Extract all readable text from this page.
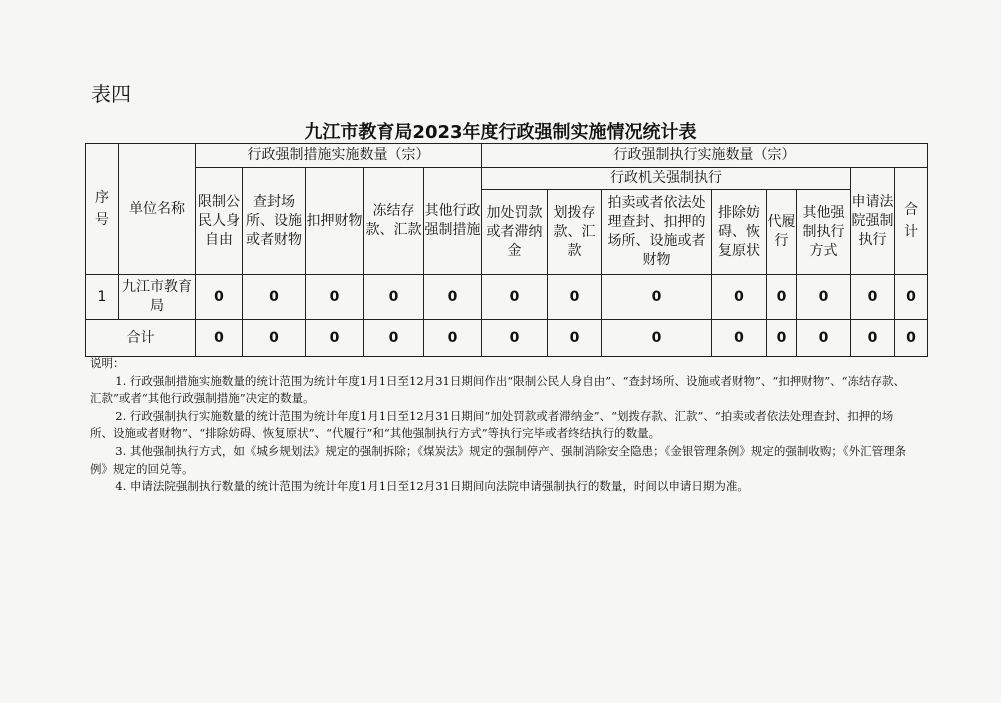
表四
九江市教育局2023年度行政强制实施情况统计表
序号	单位名称	行政强制措施实施数量（宗）					行政强制执行实施数量（宗）							
		限制公民人身自由	查封场所、设施或者财物	扣押财物	冻结存款、汇款	其他行政强制措施	行政机关强制执行						申请法院强制执行	合计
							加处罚款或者滞纳金	划拨存款、汇款	拍卖或者依法处理查封、扣押的场所、设施或者财物	排除妨碍、恢复原状	代履行	其他强制执行方式		
1	九江市教育局	0	0	0	0	0	0	0	0	0	0	0	0	0
合计		0	0	0	0	0	0	0	0	0	0	0	0	0

说明：

1. 行政强制措施实施数量的统计范围为统计年度1月1日至12月31日期间作出“限制公民人身自由”、“查封场所、设施或者财物”、“扣押财物”、“冻结存款、汇款”或者“其他行政强制措施”决定的数量。

2. 行政强制执行实施数量的统计范围为统计年度1月1日至12月31日期间“加处罚款或者滞纳金”、“划拨存款、汇款”、“拍卖或者依法处理查封、扣押的场所、设施或者财物”、“排除妨碍、恢复原状”、“代履行”和“其他强制执行方式”等执行完毕或者终结执行的数量。

3. 其他强制执行方式，如《城乡规划法》规定的强制拆除；《煤炭法》规定的强制停产、强制消除安全隐患；《金银管理条例》规定的强制收购；《外汇管理条例》规定的回兑等。

4. 申请法院强制执行数量的统计范围为统计年度1月1日至12月31日期间向法院申请强制执行的数量，时间以申请日期为准。
